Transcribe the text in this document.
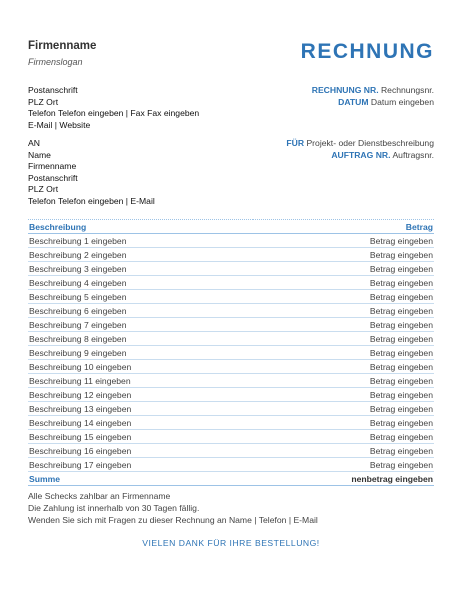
Firmenname
Firmenslogan	RECHNUNG
Postanschrift
PLZ Ort
Telefon Telefon eingeben | Fax Fax eingeben
E-Mail | Website
RECHNUNG NR. Rechnungsnr.
DATUM Datum eingeben
AN
Name
Firmenname
Postanschrift
PLZ Ort
Telefon Telefon eingeben | E-Mail
FÜR Projekt- oder Dienstbeschreibung
AUFTRAG NR. Auftragsnr.
Beschreibung	Betrag
Beschreibung 1 eingeben	Betrag eingeben
Beschreibung 2 eingeben	Betrag eingeben
Beschreibung 3 eingeben	Betrag eingeben
Beschreibung 4 eingeben	Betrag eingeben
Beschreibung 5 eingeben	Betrag eingeben
Beschreibung 6 eingeben	Betrag eingeben
Beschreibung 7 eingeben	Betrag eingeben
Beschreibung 8 eingeben	Betrag eingeben
Beschreibung 9 eingeben	Betrag eingeben
Beschreibung 10 eingeben	Betrag eingeben
Beschreibung 11 eingeben	Betrag eingeben
Beschreibung 12 eingeben	Betrag eingeben
Beschreibung 13 eingeben	Betrag eingeben
Beschreibung 14 eingeben	Betrag eingeben
Beschreibung 15 eingeben	Betrag eingeben
Beschreibung 16 eingeben	Betrag eingeben
Beschreibung 17 eingeben	Betrag eingeben
Summe	nenbetrag eingeben
Alle Schecks zahlbar an Firmenname
Die Zahlung ist innerhalb von 30 Tagen fällig.
Wenden Sie sich mit Fragen zu dieser Rechnung an Name | Telefon | E-Mail
VIELEN DANK FÜR IHRE BESTELLUNG!
